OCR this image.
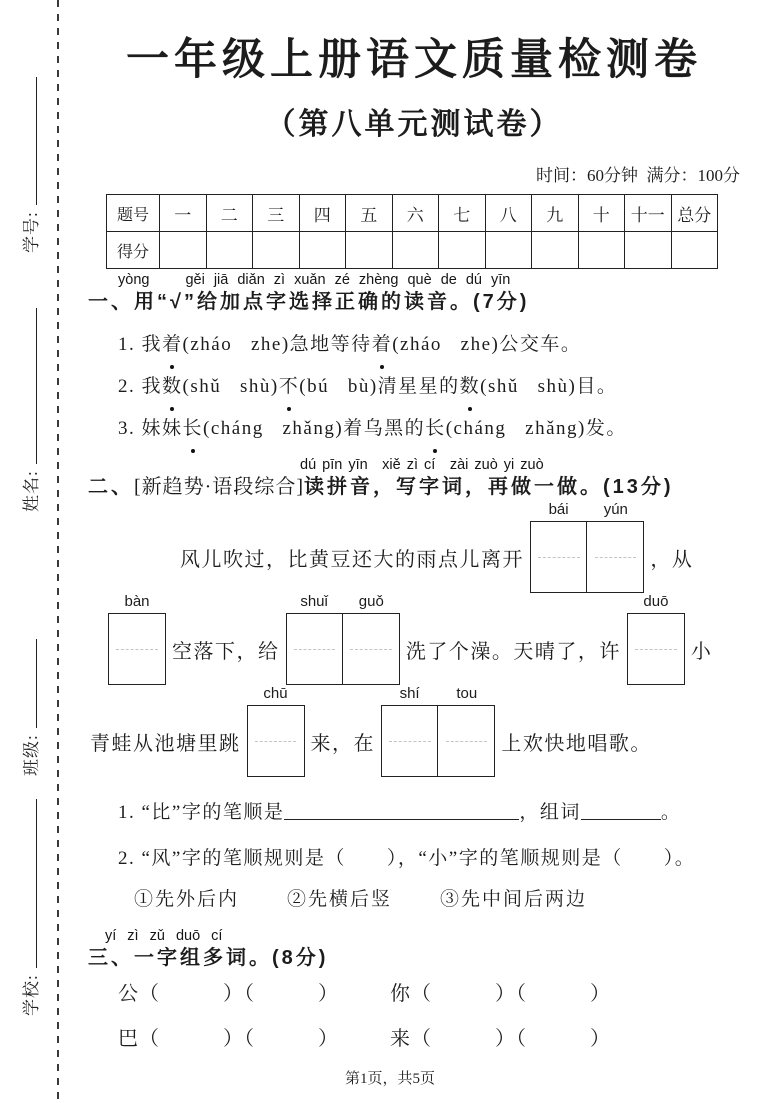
学号:
姓名:
班级:
学校:
一年级上册语文质量检测卷
（第八单元测试卷）
时间：60分钟  满分：100分
题号	一	二	三	四	五	六	七	八	九	十	十一	总分
得分												
yòng gěi jiā diǎn zì xuǎn zé zhèng què de dú yīn
一、用“√”给加点字选择正确的读音。(7分)
1. 我着(zháo   zhe)急地等待着(zháo   zhe)公交车。
2. 我数(shǔ   shù)不(bú   bù)清星星的数(shǔ   shù)目。
3. 妹妹长(cháng   zhǎng)着乌黑的长(cháng   zhǎng)发。
dú pīn yīn　xiě zì cí　zài zuò yi zuò
二、[新趋势·语段综合]读拼音，写字词，再做一做。(13分)
风儿吹过，比黄豆还大的雨点儿离开
bái	yún
，从
bàn
空落下，给
shuǐ	guǒ
洗了个澡。天晴了，许
duō
小
青蛙从池塘里跳
chū
来，在
shí	tou
上欢快地唱歌。
1. “比”字的笔顺是	，组词	。
2. “风”字的笔顺规则是（　　），“小”字的笔顺规则是（　　）。
①先外后内	②先横后竖	③先中间后两边
yí zì zǔ duō cí
三、一字组多词。(8分)
公（　　　）（　　　）	你（　　　）（　　　）
巴（　　　）（　　　）	来（　　　）（　　　）
第1页，共5页
